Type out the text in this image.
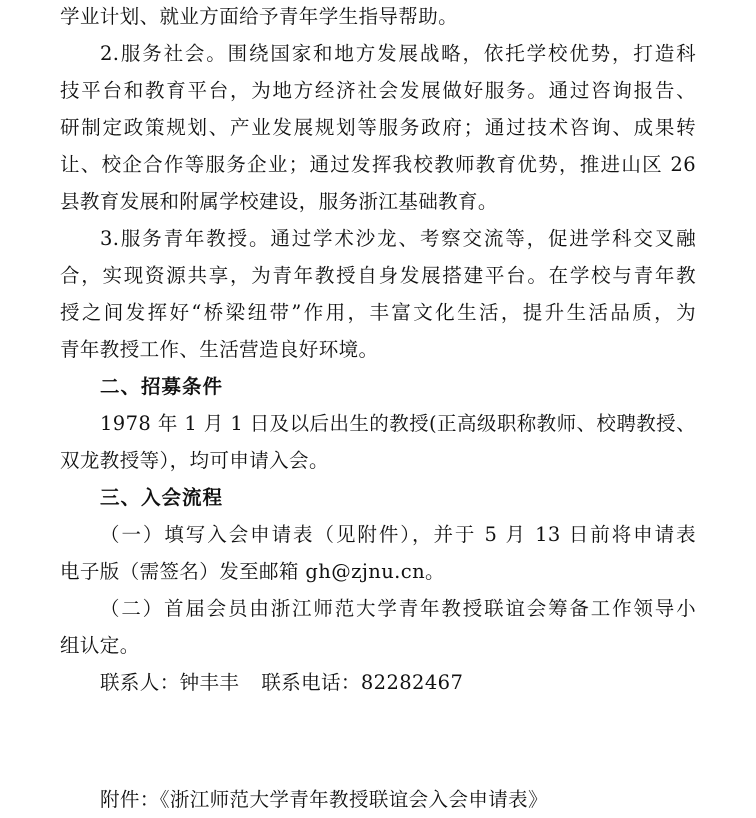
学业计划、就业方面给予青年学生指导帮助。
2.服务社会。围绕国家和地方发展战略，依托学校优势，打造科
技平台和教育平台，为地方经济社会发展做好服务。通过咨询报告、
研制定政策规划、产业发展规划等服务政府；通过技术咨询、成果转
让、校企合作等服务企业；通过发挥我校教师教育优势，推进山区 26
县教育发展和附属学校建设，服务浙江基础教育。
3.服务青年教授。通过学术沙龙、考察交流等，促进学科交叉融
合，实现资源共享，为青年教授自身发展搭建平台。在学校与青年教
授之间发挥好“桥梁纽带”作用，丰富文化生活，提升生活品质，为
青年教授工作、生活营造良好环境。
二、招募条件
1978 年 1 月 1 日及以后出生的教授(正高级职称教师、校聘教授、
双龙教授等），均可申请入会。
三、入会流程
（一）填写入会申请表（见附件），并于 5 月 13 日前将申请表
电子版（需签名）发至邮箱 gh@zjnu.cn。
（二）首届会员由浙江师范大学青年教授联谊会筹备工作领导小
组认定。
联系人：钟丰丰 联系电话：82282467
附件：《浙江师范大学青年教授联谊会入会申请表》
